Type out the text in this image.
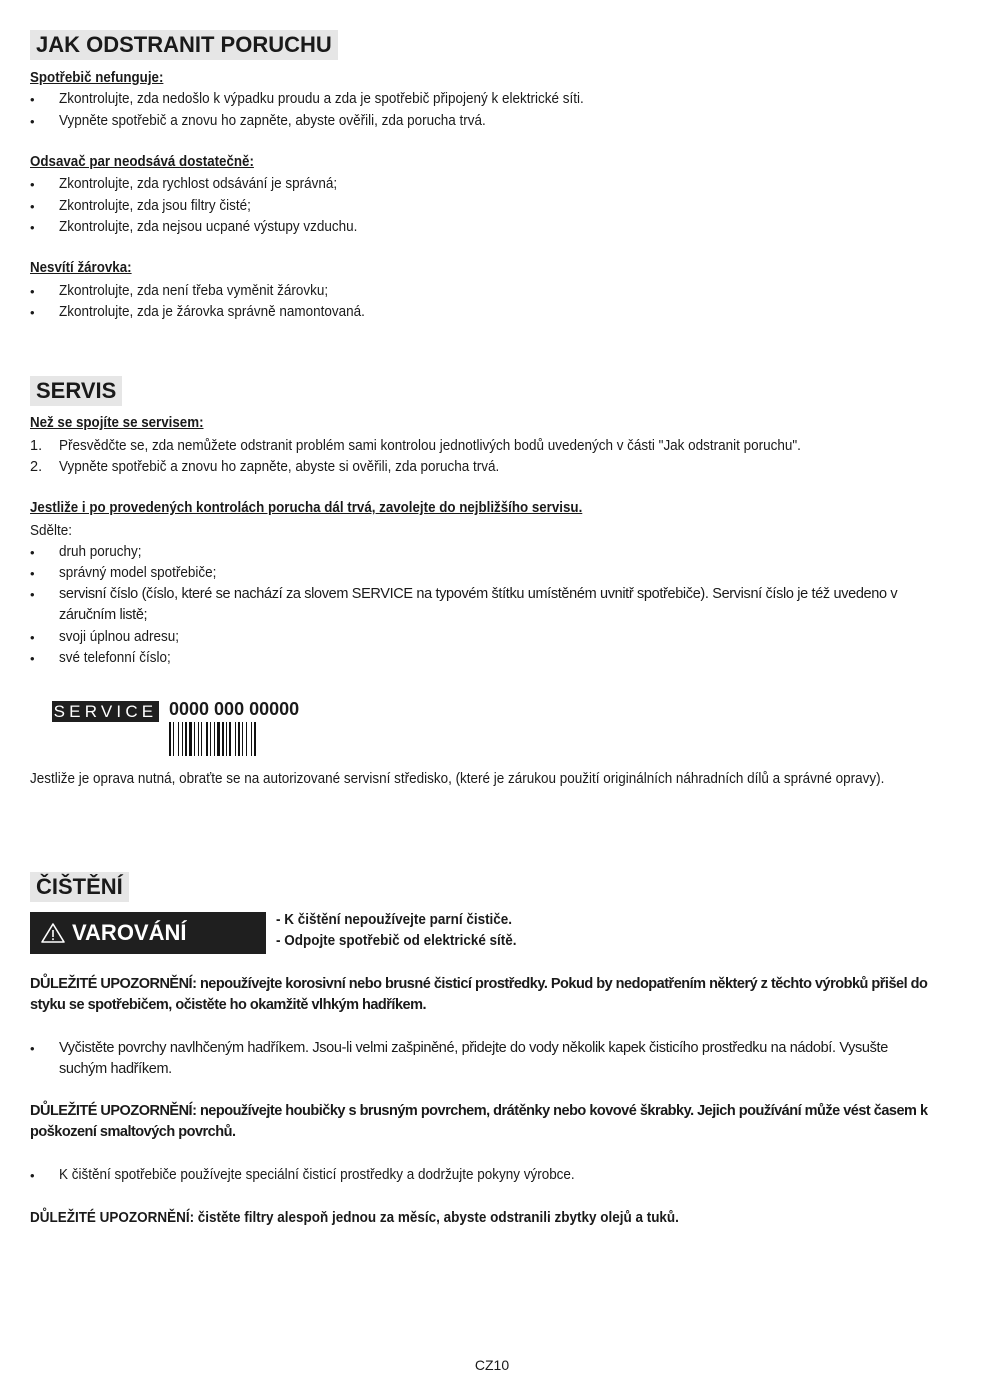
JAK ODSTRANIT PORUCHU
Spotřebič nefunguje:
•	Zkontrolujte, zda nedošlo k výpadku proudu a zda je spotřebič připojený k elektrické síti.
•	Vypněte spotřebič a znovu ho zapněte, abyste ověřili, zda porucha trvá.
Odsavač par neodsává dostatečně:
•	Zkontrolujte, zda rychlost odsávání je správná;
•	Zkontrolujte, zda jsou filtry čisté;
•	Zkontrolujte, zda nejsou ucpané výstupy vzduchu.
Nesvítí žárovka:
•	Zkontrolujte, zda není třeba vyměnit žárovku;
•	Zkontrolujte, zda je žárovka správně namontovaná.
SERVIS
Než se spojíte se servisem:
1.	Přesvědčte se, zda nemůžete odstranit problém sami kontrolou jednotlivých bodů uvedených v části "Jak odstranit poruchu".
2.	Vypněte spotřebič a znovu ho zapněte, abyste si ověřili, zda porucha trvá.
Jestliže i po provedených kontrolách porucha dál trvá, zavolejte do nejbližšího servisu.
Sdělte:
•	druh poruchy;
•	správný model spotřebiče;
•	servisní číslo (číslo, které se nachází za slovem SERVICE na typovém štítku umístěném uvnitř spotřebiče). Servisní číslo je též uvedeno v záručním listě;
•	svoji úplnou adresu;
•	své telefonní číslo;
SERVICE 0000 000 00000
Jestliže je oprava nutná, obraťte se na autorizované servisní středisko, (které je zárukou použití originálních náhradních dílů a správné opravy).
ČIŠTĚNÍ
VAROVÁNÍ	- K čištění nepoužívejte parní čističe.
- Odpojte spotřebič od elektrické sítě.
DŮLEŽITÉ UPOZORNĚNÍ: nepoužívejte korosivní nebo brusné čisticí prostředky. Pokud by nedopatřením některý z těchto výrobků přišel do styku se spotřebičem, očistěte ho okamžitě vlhkým hadříkem.
•	Vyčistěte povrchy navlhčeným hadříkem. Jsou-li velmi zašpiněné, přidejte do vody několik kapek čisticího prostředku na nádobí. Vysušte suchým hadříkem.
DŮLEŽITÉ UPOZORNĚNÍ: nepoužívejte houbičky s brusným povrchem, drátěnky nebo kovové škrabky. Jejich používání může vést časem k poškození smaltových povrchů.
•	K čištění spotřebiče používejte speciální čisticí prostředky a dodržujte pokyny výrobce.
DŮLEŽITÉ UPOZORNĚNÍ: čistěte filtry alespoň jednou za měsíc, abyste odstranili zbytky olejů a tuků.
CZ10
